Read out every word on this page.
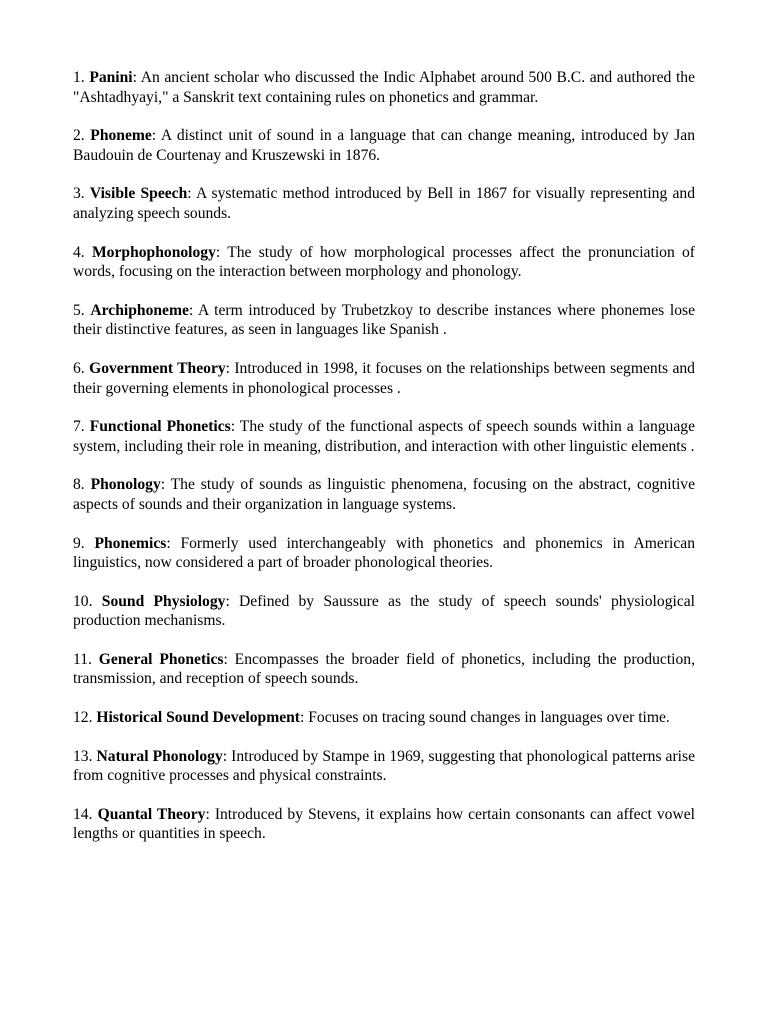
1. Panini: An ancient scholar who discussed the Indic Alphabet around 500 B.C. and authored the "Ashtadhyayi," a Sanskrit text containing rules on phonetics and grammar.

2. Phoneme: A distinct unit of sound in a language that can change meaning, introduced by Jan Baudouin de Courtenay and Kruszewski in 1876.

3. Visible Speech: A systematic method introduced by Bell in 1867 for visually representing and analyzing speech sounds.

4. Morphophonology: The study of how morphological processes affect the pronunciation of words, focusing on the interaction between morphology and phonology.

5. Archiphoneme: A term introduced by Trubetzkoy to describe instances where phonemes lose their distinctive features, as seen in languages like Spanish .

6. Government Theory: Introduced in 1998, it focuses on the relationships between segments and their governing elements in phonological processes .

7. Functional Phonetics: The study of the functional aspects of speech sounds within a language system, including their role in meaning, distribution, and interaction with other linguistic elements .

8. Phonology: The study of sounds as linguistic phenomena, focusing on the abstract, cognitive aspects of sounds and their organization in language systems.

9. Phonemics: Formerly used interchangeably with phonetics and phonemics in American linguistics, now considered a part of broader phonological theories.

10. Sound Physiology: Defined by Saussure as the study of speech sounds' physiological production mechanisms.

11. General Phonetics: Encompasses the broader field of phonetics, including the production, transmission, and reception of speech sounds.

12. Historical Sound Development: Focuses on tracing sound changes in languages over time.

13. Natural Phonology: Introduced by Stampe in 1969, suggesting that phonological patterns arise from cognitive processes and physical constraints.

14. Quantal Theory: Introduced by Stevens, it explains how certain consonants can affect vowel lengths or quantities in speech.
